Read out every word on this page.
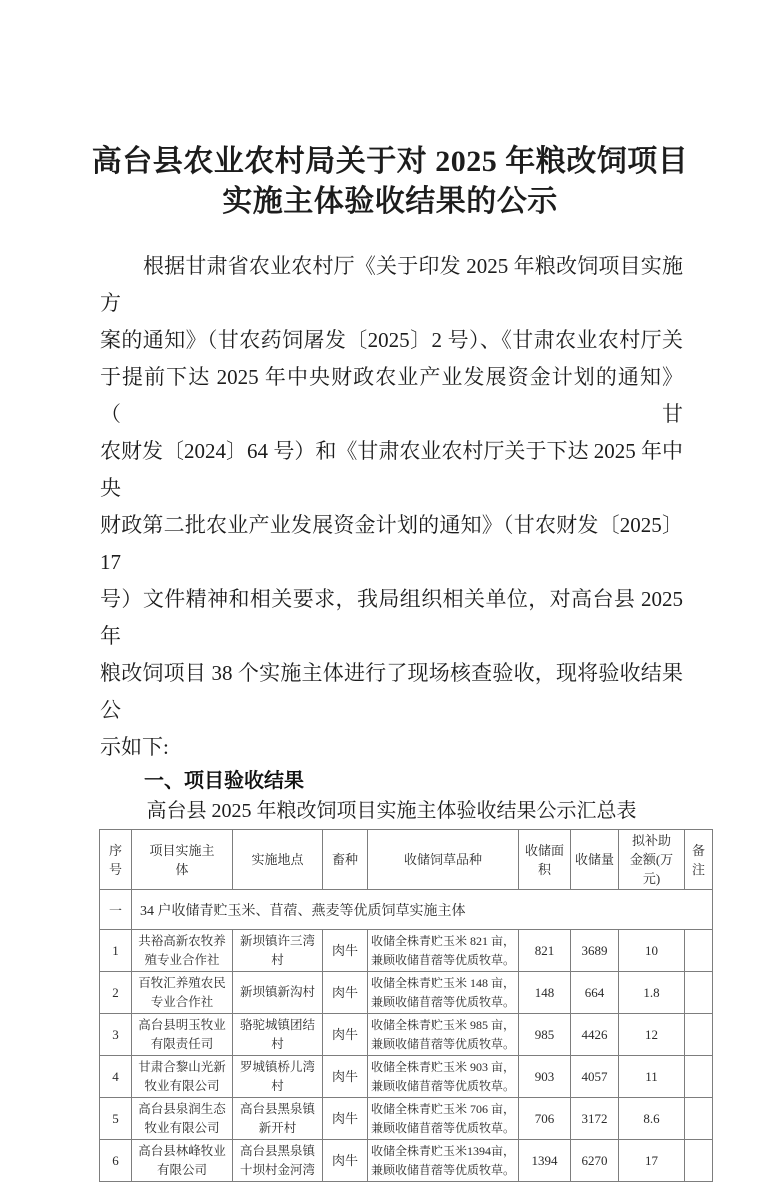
高台县农业农村局关于对 2025 年粮改饲项目
实施主体验收结果的公示
根据甘肃省农业农村厅《关于印发 2025 年粮改饲项目实施方
案的通知》（甘农药饲屠发〔2025〕2 号）、《甘肃农业农村厅关
于提前下达 2025 年中央财政农业产业发展资金计划的通知》（甘
农财发〔2024〕64 号）和《甘肃农业农村厅关于下达 2025 年中央
财政第二批农业产业发展资金计划的通知》（甘农财发〔2025〕17
号）文件精神和相关要求，我局组织相关单位，对高台县 2025 年
粮改饲项目 38 个实施主体进行了现场核查验收，现将验收结果公
示如下:
一、项目验收结果
高台县 2025 年粮改饲项目实施主体验收结果公示汇总表
序号	项目实施主体	实施地点	畜种	收储饲草品种	收储面积	收储量	拟补助金额(万元)	备注
一	34 户收储青贮玉米、苜蓿、燕麦等优质饲草实施主体							
1	共裕高新农牧养殖专业合作社	新坝镇许三湾村	肉牛	收储全株青贮玉米 821 亩，兼顾收储苜蓿等优质牧草。	821	3689	10	
2	百牧汇养殖农民专业合作社	新坝镇新沟村	肉牛	收储全株青贮玉米 148 亩，兼顾收储苜蓿等优质牧草。	148	664	1.8	
3	高台县明玉牧业有限责任司	骆驼城镇团结村	肉牛	收储全株青贮玉米 985 亩，兼顾收储苜蓿等优质牧草。	985	4426	12	
4	甘肃合黎山光新牧业有限公司	罗城镇桥儿湾村	肉牛	收储全株青贮玉米 903 亩，兼顾收储苜蓿等优质牧草。	903	4057	11	
5	高台县泉润生态牧业有限公司	高台县黑泉镇新开村	肉牛	收储全株青贮玉米 706 亩，兼顾收储苜蓿等优质牧草。	706	3172	8.6	
6	高台县林峰牧业有限公司	高台县黑泉镇十坝村金河湾	肉牛	收储全株青贮玉米1394亩，兼顾收储苜蓿等优质牧草。	1394	6270	17	
